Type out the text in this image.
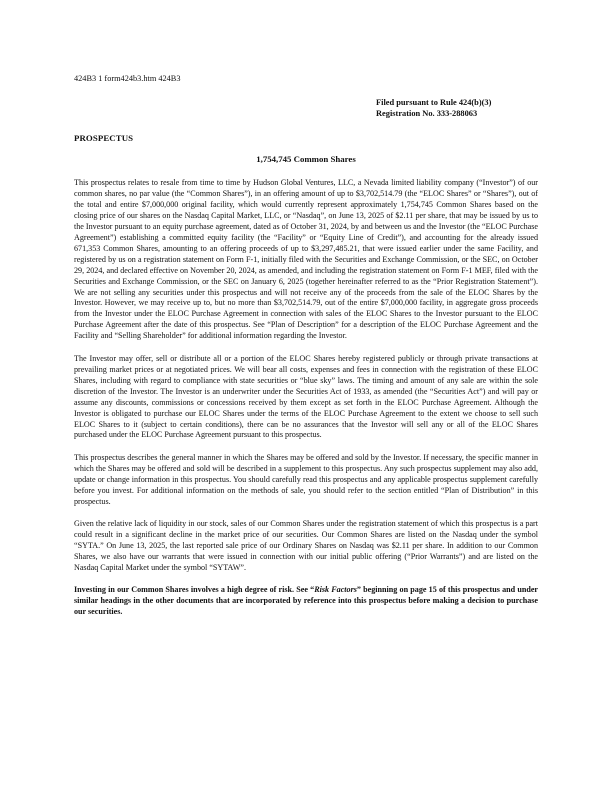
424B3 1 form424b3.htm 424B3
Filed pursuant to Rule 424(b)(3)
Registration No. 333-288063
PROSPECTUS
1,754,745 Common Shares

This prospectus relates to resale from time to time by Hudson Global Ventures, LLC, a Nevada limited liability company (“Investor”) of our common shares, no par value (the “Common Shares”), in an offering amount of up to $3,702,514.79 (the “ELOC Shares” or “Shares”), out of the total and entire $7,000,000 original facility, which would currently represent approximately 1,754,745 Common Shares based on the closing price of our shares on the Nasdaq Capital Market, LLC, or “Nasdaq”, on June 13, 2025 of $2.11 per share, that may be issued by us to the Investor pursuant to an equity purchase agreement, dated as of October 31, 2024, by and between us and the Investor (the “ELOC Purchase Agreement”) establishing a committed equity facility (the “Facility” or “Equity Line of Credit”), and accounting for the already issued 671,353 Common Shares, amounting to an offering proceeds of up to $3,297,485.21, that were issued earlier under the same Facility, and registered by us on a registration statement on Form F-1, initially filed with the Securities and Exchange Commission, or the SEC, on October 29, 2024, and declared effective on November 20, 2024, as amended, and including the registration statement on Form F-1 MEF, filed with the Securities and Exchange Commission, or the SEC on January 6, 2025 (together hereinafter referred to as the “Prior Registration Statement”). We are not selling any securities under this prospectus and will not receive any of the proceeds from the sale of the ELOC Shares by the Investor. However, we may receive up to, but no more than $3,702,514.79, out of the entire $7,000,000 facility, in aggregate gross proceeds from the Investor under the ELOC Purchase Agreement in connection with sales of the ELOC Shares to the Investor pursuant to the ELOC Purchase Agreement after the date of this prospectus. See “Plan of Description” for a description of the ELOC Purchase Agreement and the Facility and “Selling Shareholder” for additional information regarding the Investor.

The Investor may offer, sell or distribute all or a portion of the ELOC Shares hereby registered publicly or through private transactions at prevailing market prices or at negotiated prices. We will bear all costs, expenses and fees in connection with the registration of these ELOC Shares, including with regard to compliance with state securities or “blue sky” laws. The timing and amount of any sale are within the sole discretion of the Investor. The Investor is an underwriter under the Securities Act of 1933, as amended (the “Securities Act”) and will pay or assume any discounts, commissions or concessions received by them except as set forth in the ELOC Purchase Agreement. Although the Investor is obligated to purchase our ELOC Shares under the terms of the ELOC Purchase Agreement to the extent we choose to sell such ELOC Shares to it (subject to certain conditions), there can be no assurances that the Investor will sell any or all of the ELOC Shares purchased under the ELOC Purchase Agreement pursuant to this prospectus.

This prospectus describes the general manner in which the Shares may be offered and sold by the Investor. If necessary, the specific manner in which the Shares may be offered and sold will be described in a supplement to this prospectus. Any such prospectus supplement may also add, update or change information in this prospectus. You should carefully read this prospectus and any applicable prospectus supplement carefully before you invest. For additional information on the methods of sale, you should refer to the section entitled “Plan of Distribution” in this prospectus.

Given the relative lack of liquidity in our stock, sales of our Common Shares under the registration statement of which this prospectus is a part could result in a significant decline in the market price of our securities. Our Common Shares are listed on the Nasdaq under the symbol “SYTA.” On June 13, 2025, the last reported sale price of our Ordinary Shares on Nasdaq was $2.11 per share. In addition to our Common Shares, we also have our warrants that were issued in connection with our initial public offering (“Prior Warrants”) and are listed on the Nasdaq Capital Market under the symbol “SYTAW”.

Investing in our Common Shares involves a high degree of risk. See “Risk Factors” beginning on page 15 of this prospectus and under similar headings in the other documents that are incorporated by reference into this prospectus before making a decision to purchase our securities.
